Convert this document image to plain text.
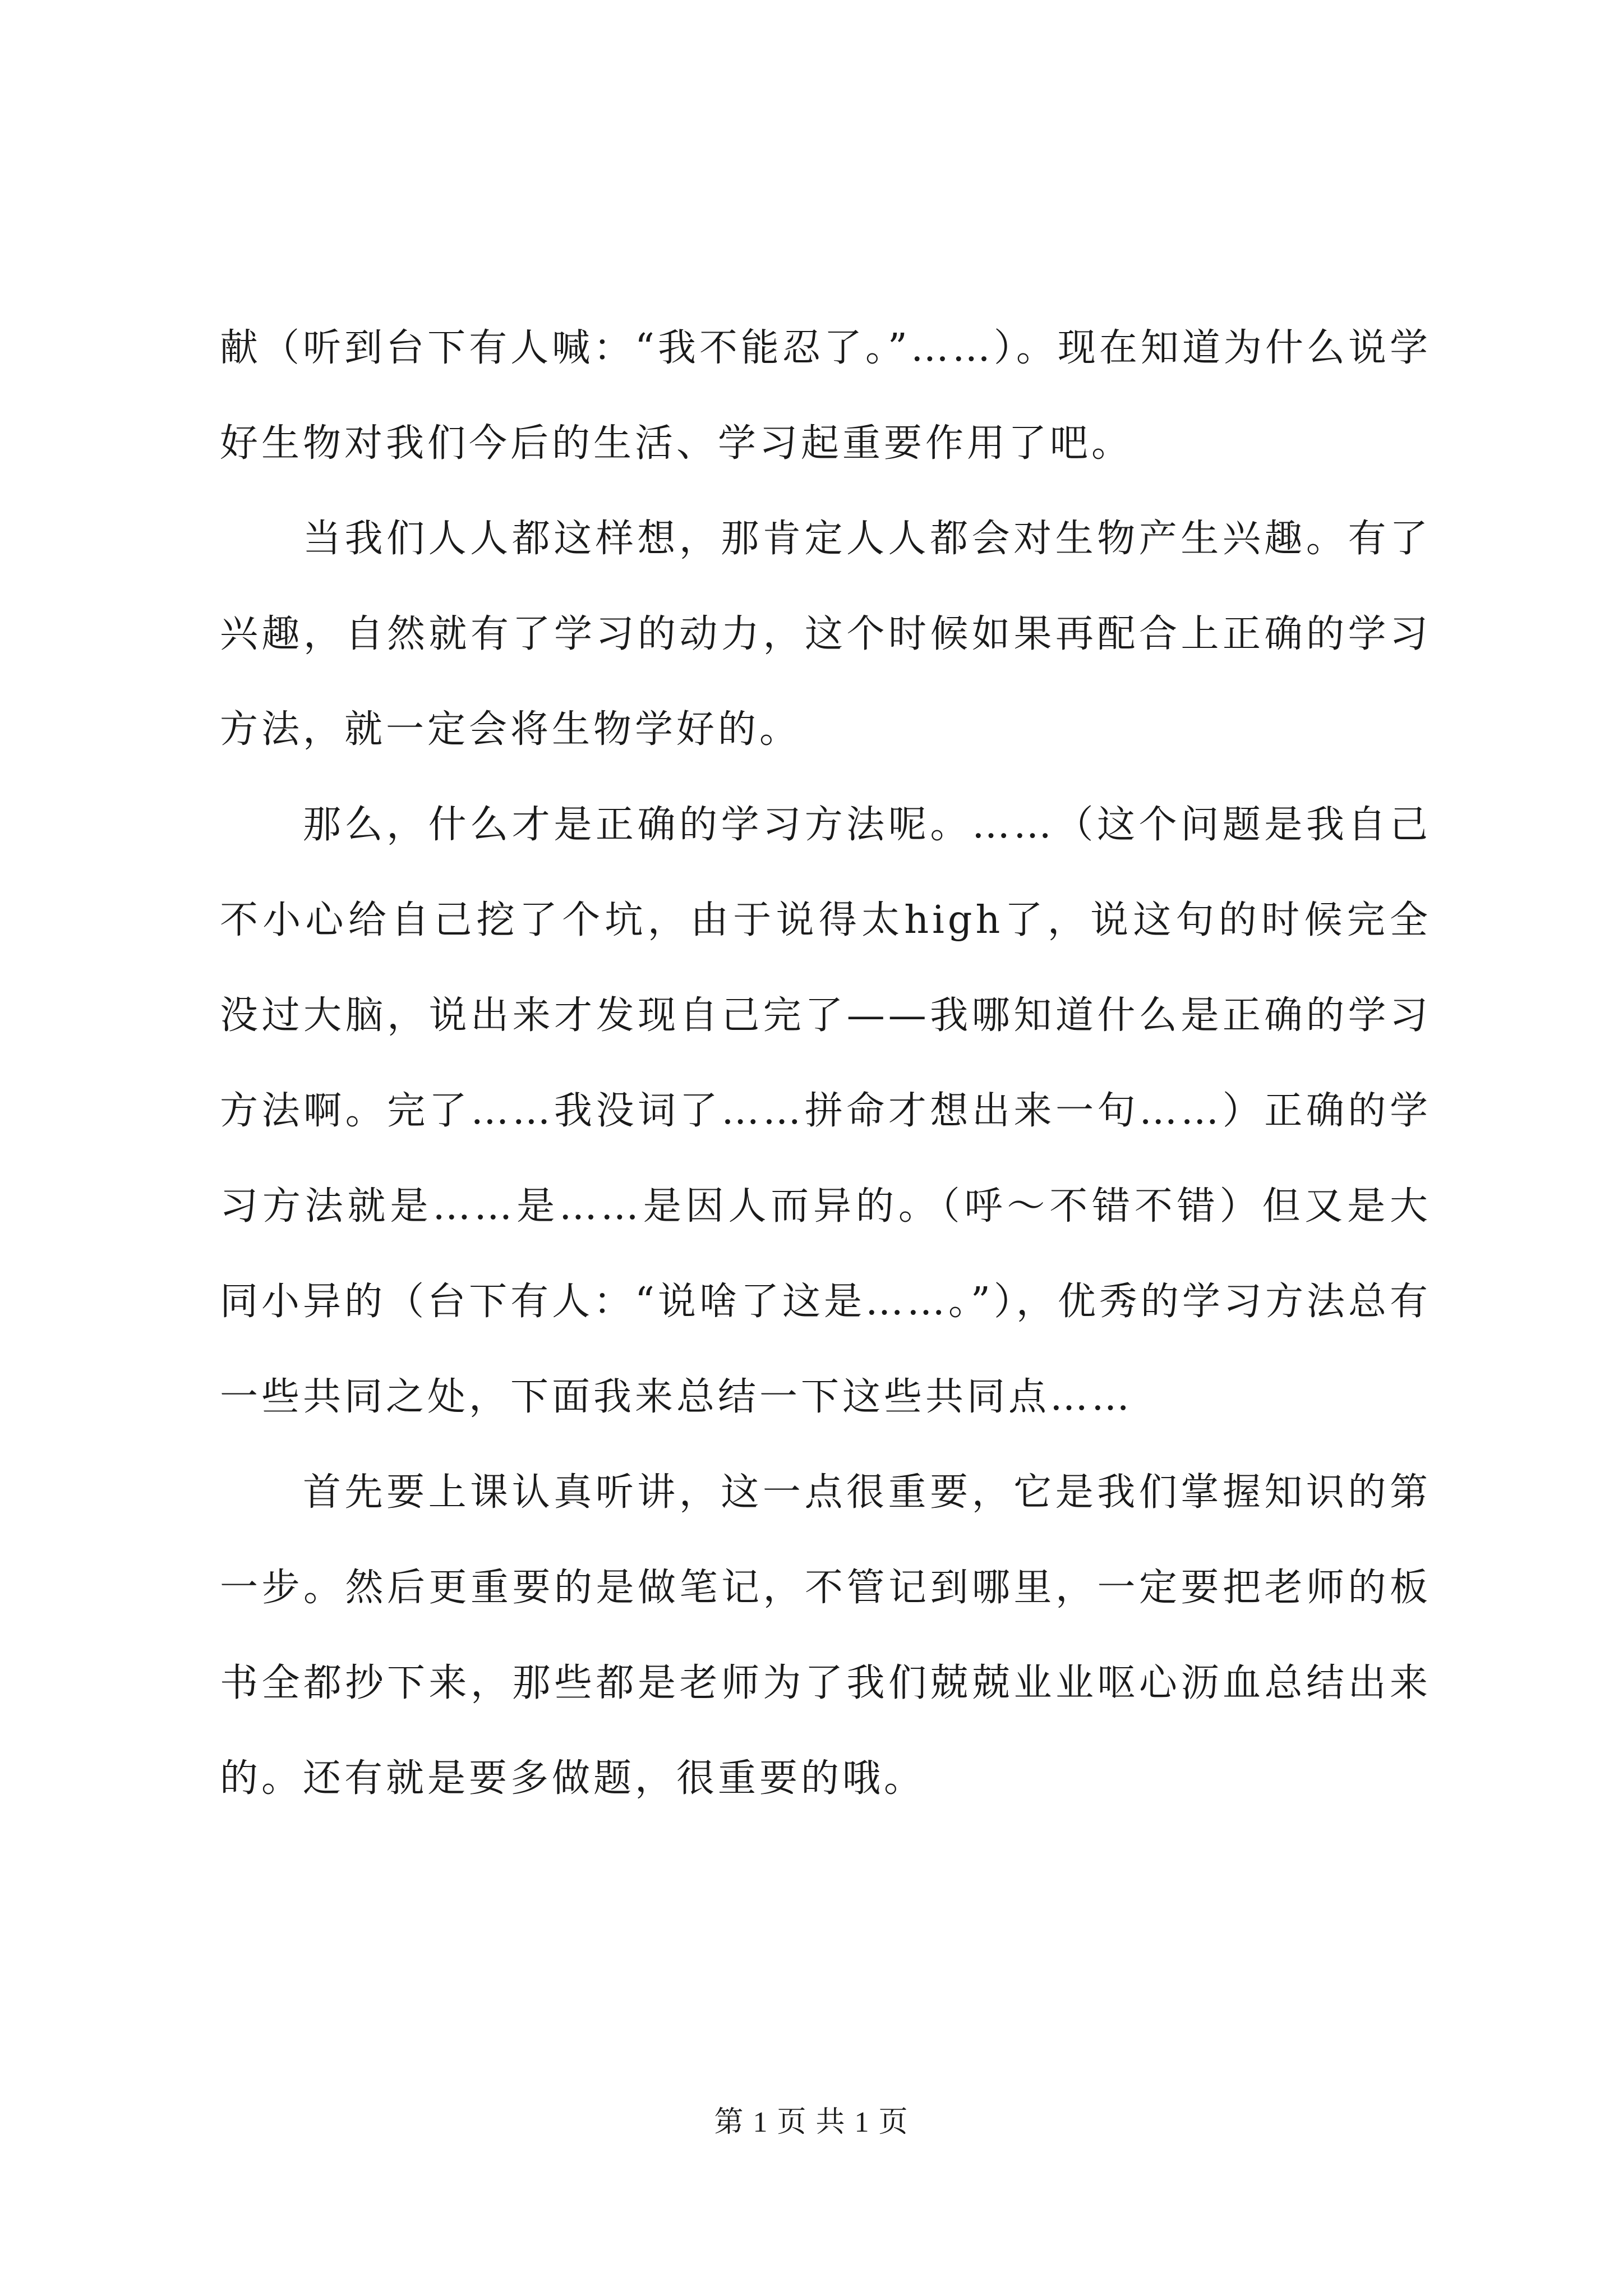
献（听到台下有人喊：“我不能忍了。”……）。现在知道为什么说学好生物对我们今后的生活、学习起重要作用了吧。

当我们人人都这样想，那肯定人人都会对生物产生兴趣。有了兴趣，自然就有了学习的动力，这个时候如果再配合上正确的学习方法，就一定会将生物学好的。

那么，什么才是正确的学习方法呢。……（这个问题是我自己不小心给自己挖了个坑，由于说得太high了，说这句的时候完全没过大脑，说出来才发现自己完了——我哪知道什么是正确的学习方法啊。完了……我没词了……拼命才想出来一句……）正确的学习方法就是……是……是因人而异的。（呼～不错不错）但又是大同小异的（台下有人：“说啥了这是……。”），优秀的学习方法总有一些共同之处，下面我来总结一下这些共同点……

首先要上课认真听讲，这一点很重要，它是我们掌握知识的第一步。然后更重要的是做笔记，不管记到哪里，一定要把老师的板书全都抄下来，那些都是老师为了我们兢兢业业呕心沥血总结出来的。还有就是要多做题，很重要的哦。

第 1 页 共 1 页
